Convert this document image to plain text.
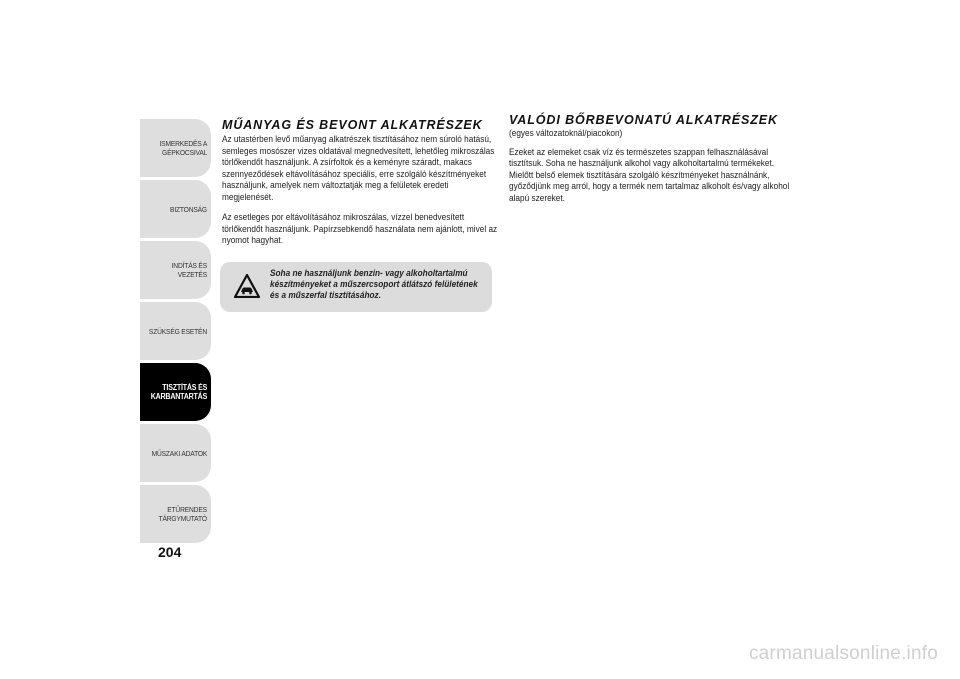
ISMERKEDÉS A
GÉPKOCSIVAL
BIZTONSÁG
INDÍTÁS ÉS VEZETÉS
SZÜKSÉG ESETÉN
TISZTÍTÁS ÉS
KARBANTARTÁS
MŰSZAKI ADATOK
ETŰRENDES
TÁRGYMUTATÓ
204
MŰANYAG ÉS BEVONT ALKATRÉSZEK

Az utastérben levő műanyag alkatrészek tisztításához nem súroló hatású, semleges mosószer vizes oldatával megnedvesített, lehetőleg mikroszálas törlőkendőt használjunk. A zsírfoltok és a keményre száradt, makacs szennyeződések eltávolításához speciális, erre szolgáló készítményeket használjunk, amelyek nem változtatják meg a felületek eredeti megjelenését.

Az esetleges por eltávolításához mikroszálas, vízzel benedvesített törlőkendőt használjunk. Papírzsebkendő használata nem ajánlott, mivel az nyomot hagyhat.

Soha ne használjunk benzin- vagy alkoholtartalmú készítményeket a műszercsoport átlátszó felületének és a műszerfal tisztításához.
VALÓDI BŐRBEVONATÚ ALKATRÉSZEK

(egyes változatoknál/piacokon)

Ezeket az elemeket csak víz és természetes szappan felhasználásával tisztítsuk. Soha ne használjunk alkohol vagy alkoholtartalmú termékeket. Mielőtt belső elemek tisztítására szolgáló készítményeket használnánk, győződjünk meg arról, hogy a termék nem tartalmaz alkoholt és/vagy alkohol alapú szereket.

carmanualsonline.info
